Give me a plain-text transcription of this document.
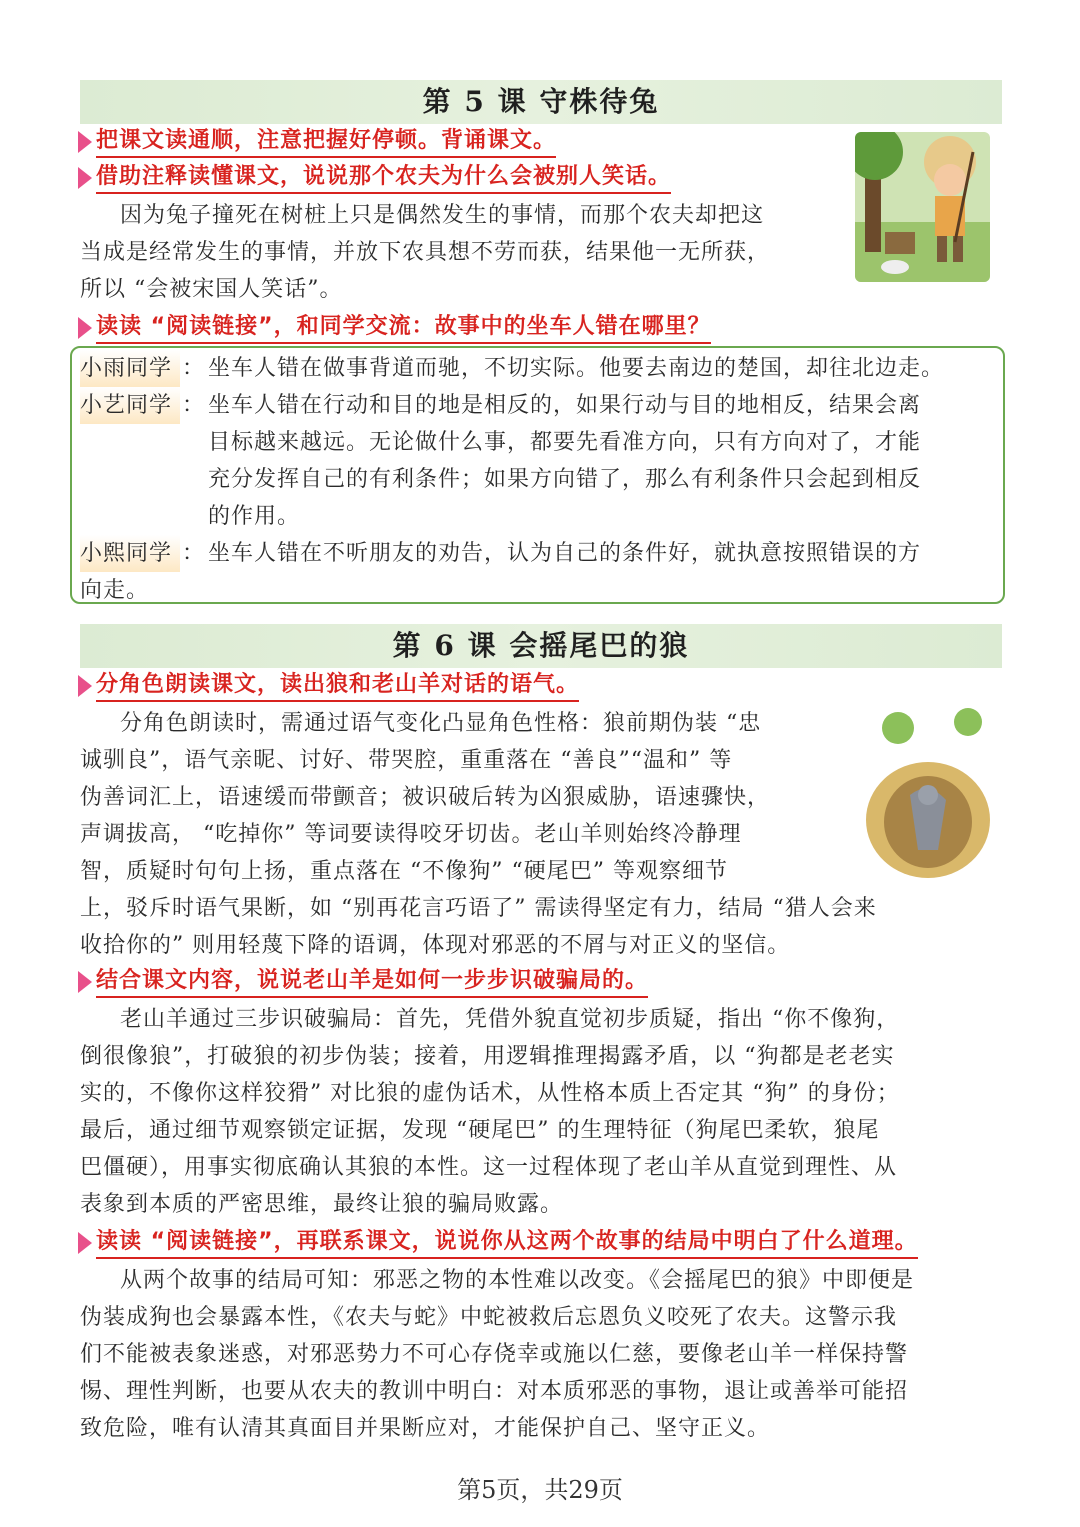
第 5 课 守株待兔
把课文读通顺，注意把握好停顿。背诵课文。
借助注释读懂课文，说说那个农夫为什么会被别人笑话。
因为兔子撞死在树桩上只是偶然发生的事情，而那个农夫却把这
当成是经常发生的事情，并放下农具想不劳而获，结果他一无所获，
所以 “会被宋国人笑话”。
读读 “阅读链接”，和同学交流：故事中的坐车人错在哪里？
小雨同学 ： 坐车人错在做事背道而驰，不切实际。他要去南边的楚国，却往北边走。
小艺同学 ： 坐车人错在行动和目的地是相反的，如果行动与目的地相反，结果会离
目标越来越远。无论做什么事，都要先看准方向，只有方向对了，才能
充分发挥自己的有利条件；如果方向错了，那么有利条件只会起到相反
的作用。
小熙同学 ： 坐车人错在不听朋友的劝告，认为自己的条件好，就执意按照错误的方
向走。
第 6 课 会摇尾巴的狼
分角色朗读课文，读出狼和老山羊对话的语气。
分角色朗读时，需通过语气变化凸显角色性格：狼前期伪装 “忠
诚驯良”，语气亲昵、讨好、带哭腔，重重落在 “善良”“温和” 等
伪善词汇上，语速缓而带颤音；被识破后转为凶狠威胁，语速骤快，
声调拔高， “吃掉你” 等词要读得咬牙切齿。老山羊则始终冷静理
智，质疑时句句上扬，重点落在 “不像狗” “硬尾巴” 等观察细节
上，驳斥时语气果断，如 “别再花言巧语了” 需读得坚定有力，结局 “猎人会来
收拾你的” 则用轻蔑下降的语调，体现对邪恶的不屑与对正义的坚信。
结合课文内容，说说老山羊是如何一步步识破骗局的。
老山羊通过三步识破骗局：首先，凭借外貌直觉初步质疑，指出 “你不像狗，
倒很像狼”，打破狼的初步伪装；接着，用逻辑推理揭露矛盾，以 “狗都是老老实
实的，不像你这样狡猾” 对比狼的虚伪话术，从性格本质上否定其 “狗” 的身份；
最后，通过细节观察锁定证据，发现 “硬尾巴” 的生理特征（狗尾巴柔软，狼尾
巴僵硬），用事实彻底确认其狼的本性。这一过程体现了老山羊从直觉到理性、从
表象到本质的严密思维，最终让狼的骗局败露。
读读 “阅读链接”，再联系课文，说说你从这两个故事的结局中明白了什么道理。
从两个故事的结局可知：邪恶之物的本性难以改变。《会摇尾巴的狼》中即便是
伪装成狗也会暴露本性，《农夫与蛇》中蛇被救后忘恩负义咬死了农夫。这警示我
们不能被表象迷惑，对邪恶势力不可心存侥幸或施以仁慈，要像老山羊一样保持警
惕、理性判断，也要从农夫的教训中明白：对本质邪恶的事物，退让或善举可能招
致危险，唯有认清其真面目并果断应对，才能保护自己、坚守正义。
第5页，共29页
